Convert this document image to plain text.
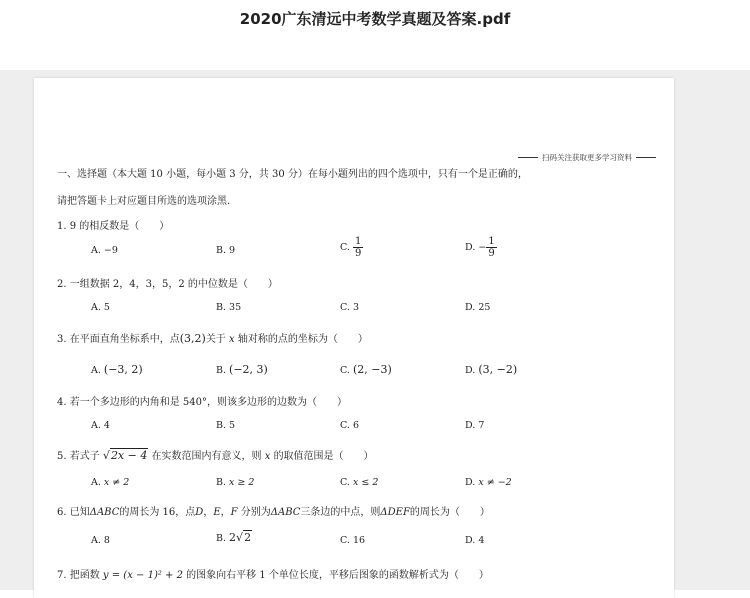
2020广东清远中考数学真题及答案.pdf
扫码关注获取更多学习资料
一、选择题（本大题 10 小题，每小题 3 分，共 30 分）在每小题列出的四个选项中，只有一个是正确的，
请把答题卡上对应题目所选的选项涂黑.
1. 9 的相反数是（　　）
A. −9	B. 9	C. $\frac{1}{9}$	D. − $\frac{1}{9}$
2. 一组数据 2，4，3，5，2 的中位数是（　　）
A. 5	B. 35	C. 3	D. 25
3. 在平面直角坐标系中，点(3,2)关于 x 轴对称的点的坐标为（　　）
A. (−3, 2)	B. (−2, 3)	C. (2, −3)	D. (3, −2)
4. 若一个多边形的内角和是 540°，则该多边形的边数为（　　）
A. 4	B. 5	C. 6	D. 7
5. 若式子 √2x − 4 在实数范围内有意义，则 x 的取值范围是（　　）
A. x ≠ 2	B. x ≥ 2	C. x ≤ 2	D. x ≠ −2
6. 已知ΔABC的周长为 16，点D，E，F 分别为ΔABC三条边的中点，则ΔDEF的周长为（　　）
A. 8	B. 2√2	C. 16	D. 4
7. 把函数 y = (x − 1)² + 2 的图象向右平移 1 个单位长度，平移后图象的函数解析式为（　　）
